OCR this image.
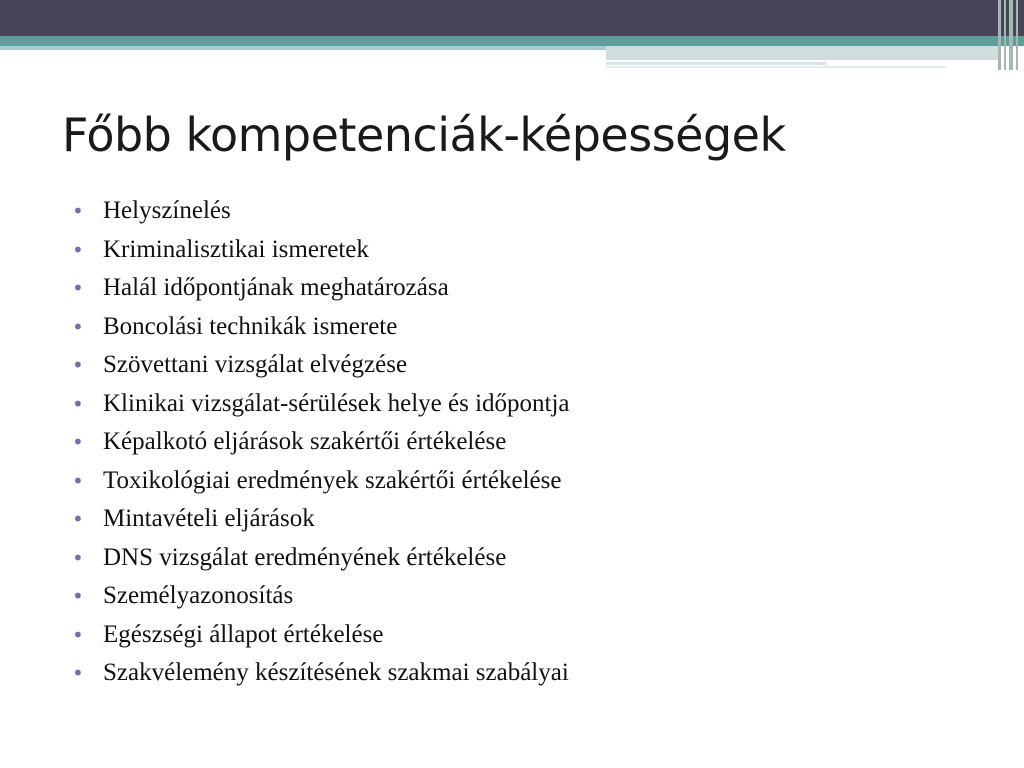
Főbb kompetenciák-képességek
• Helyszínelés
• Kriminalisztikai ismeretek
• Halál időpontjának meghatározása
• Boncolási technikák ismerete
• Szövettani vizsgálat elvégzése
• Klinikai vizsgálat-sérülések helye és időpontja
• Képalkotó eljárások szakértői értékelése
• Toxikológiai eredmények szakértői értékelése
• Mintavételi eljárások
• DNS vizsgálat eredményének értékelése
• Személyazonosítás
• Egészségi állapot értékelése
• Szakvélemény készítésének szakmai szabályai
